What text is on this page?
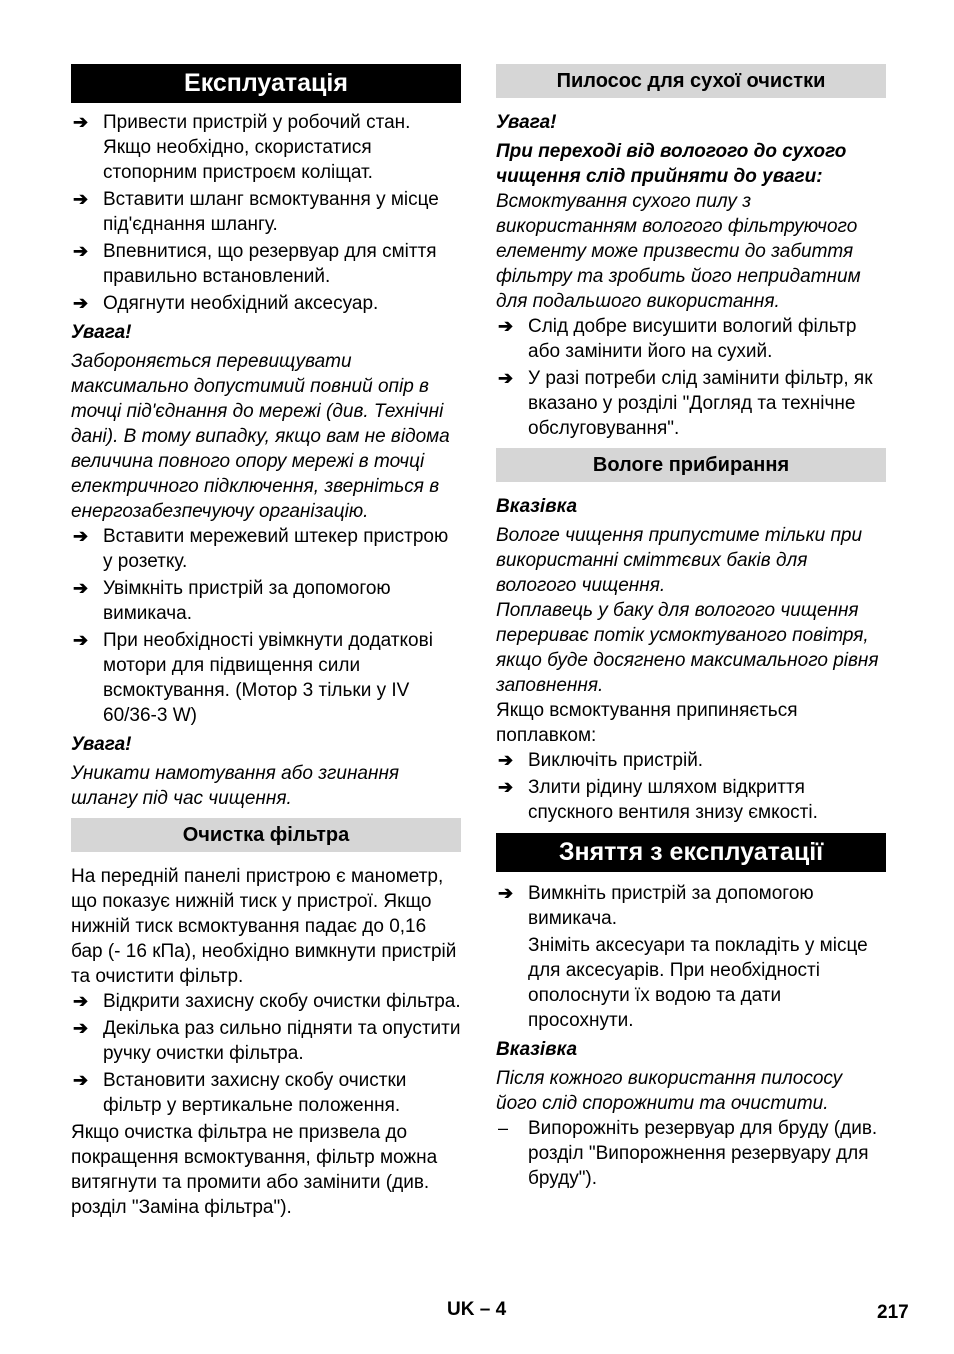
Експлуатація
➔ Привести пристрій у робочий стан. Якщо необхідно, скористатися стопорним пристроєм коліщат.
➔ Вставити шланг всмоктування у місце під'єднання шлангу.
➔ Впевнитися, що резервуар для сміття правильно встановлений.
➔ Одягнути необхідний аксесуар.

Увага!

Забороняється перевищувати максимально допустимий повний опір в точці під'єднання до мережі (див. Технічні дані). В тому випадку, якщо вам не відома величина повного опору мережі в точці електричного підключення, зверніться в енергозабезпечуючу організацію.

➔ Вставити мережевий штекер пристрою у розетку.
➔ Увімкніть пристрій за допомогою вимикача.
➔ При необхідності увімкнути додаткові мотори для підвищення сили всмоктування. (Мотор 3 тільки у IV 60/36-3 W)

Увага!

Уникати намотування або згинання шлангу під час чищення.

Очистка фільтра

На передній панелі пристрою є манометр, що показує нижній тиск у пристрої. Якщо нижній тиск всмоктування падає до 0,16 бар (- 16 кПа), необхідно вимкнути пристрій та очистити фільтр.

➔ Відкрити захисну скобу очистки фільтра.
➔ Декілька раз сильно підняти та опустити ручку очистки фільтра.
➔ Встановити захисну скобу очистки фільтр у вертикальне положення.

Якщо очистка фільтра не призвела до покращення всмоктування, фільтр можна витягнути та промити або замінити (див. розділ "Заміна фільтра").

Пилосос для сухої очистки

Увага!

При переході від вологого до сухого чищення слід прийняти до уваги:

Всмоктування сухого пилу з використанням вологого фільтруючого елементу може призвести до забиття фільтру та зробить його непридатним для подальшого використання.

➔ Слід добре висушити вологий фільтр або замінити його на сухий.
➔ У разі потреби слід замінити фільтр, як вказано у розділі "Догляд та технічне обслуговування".
Вологе прибирання

Вказівка

Вологе чищення припустиме тільки при використанні сміттєвих баків для вологого чищення.

Поплавець у баку для вологого чищення перериває потік усмоктуваного повітря, якщо буде досягнено максимального рівня заповнення.

Якщо всмоктування припиняється поплавком:

➔ Виключіть пристрій.
➔ Злити рідину шляхом відкриття спускного вентиля знизу ємкості.
Зняття з експлуатації
➔ Вимкніть пристрій за допомогою вимикача.

Зніміть аксесуари та покладіть у місце для аксесуарів. При необхідності ополоснути їх водою та дати просохнути.

Вказівка

Після кожного використання пилососу його слід спорожнити та очистити.

– Випорожніть резервуар для бруду (див. розділ "Випорожнення резервуару для бруду").
UK – 4	217
